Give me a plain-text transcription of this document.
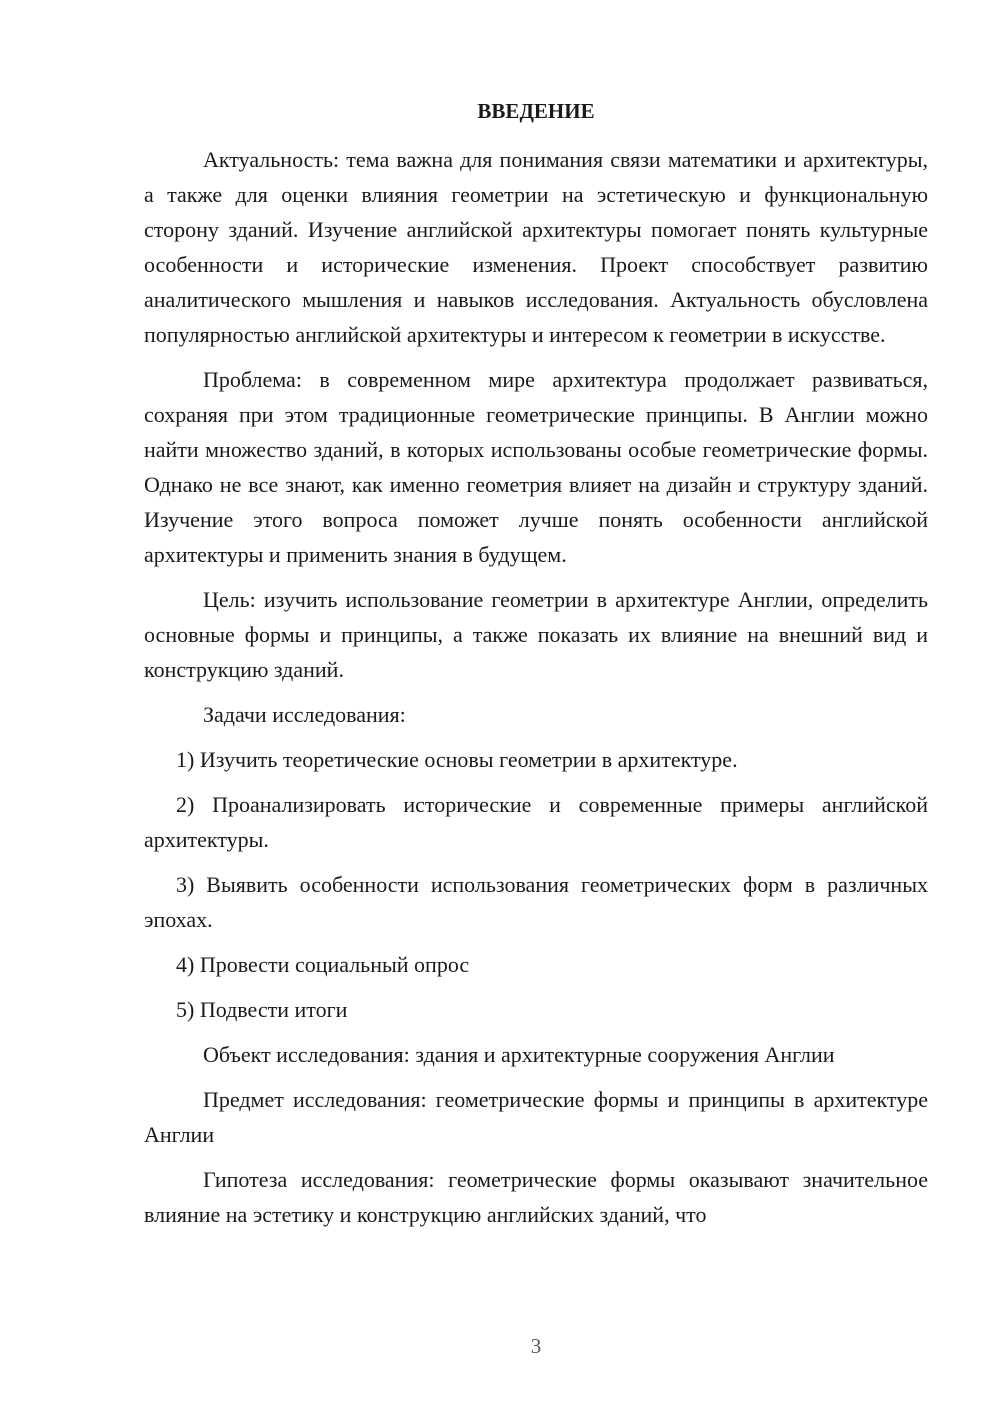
ВВЕДЕНИЕ

Актуальность: тема важна для понимания связи математики и архитектуры, а также для оценки влияния геометрии на эстетическую и функциональную сторону зданий. Изучение английской архитектуры помогает понять культурные особенности и исторические изменения. Проект способствует развитию аналитического мышления и навыков исследования. Актуальность обусловлена популярностью английской архитектуры и интересом к геометрии в искусстве.

Проблема: в современном мире архитектура продолжает развиваться, сохраняя при этом традиционные геометрические принципы. В Англии можно найти множество зданий, в которых использованы особые геометрические формы. Однако не все знают, как именно геометрия влияет на дизайн и структуру зданий. Изучение этого вопроса поможет лучше понять особенности английской архитектуры и применить знания в будущем.

Цель: изучить использование геометрии в архитектуре Англии, определить основные формы и принципы, а также показать их влияние на внешний вид и конструкцию зданий.

Задачи исследования:

1) Изучить теоретические основы геометрии в архитектуре.

2) Проанализировать исторические и современные примеры английской архитектуры.

3) Выявить особенности использования геометрических форм в различных эпохах.

4) Провести социальный опрос

5) Подвести итоги

Объект исследования: здания и архитектурные сооружения Англии

Предмет исследования: геометрические формы и принципы в архитектуре Англии

Гипотеза исследования: геометрические формы оказывают значительное влияние на эстетику и конструкцию английских зданий, что

3
